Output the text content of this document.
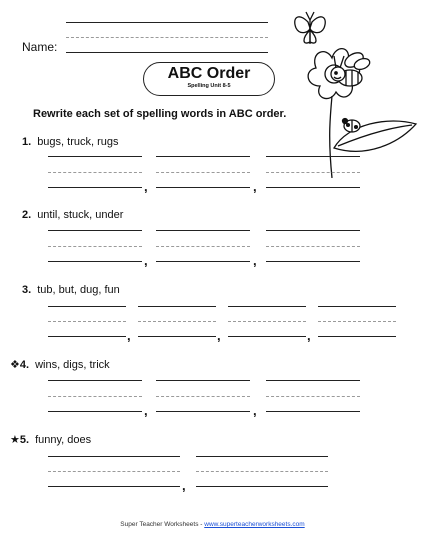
Name:
ABC Order
Spelling Unit 8-5
Rewrite each set of spelling words in ABC order.
1. bugs, truck, rugs
,	,
2. until, stuck, under
,	,
3. tub, but, dug, fun
,	,	,
❖4. wins, digs, trick
,	,
★5. funny, does
,
Super Teacher Worksheets - www.superteacherworksheets.com
